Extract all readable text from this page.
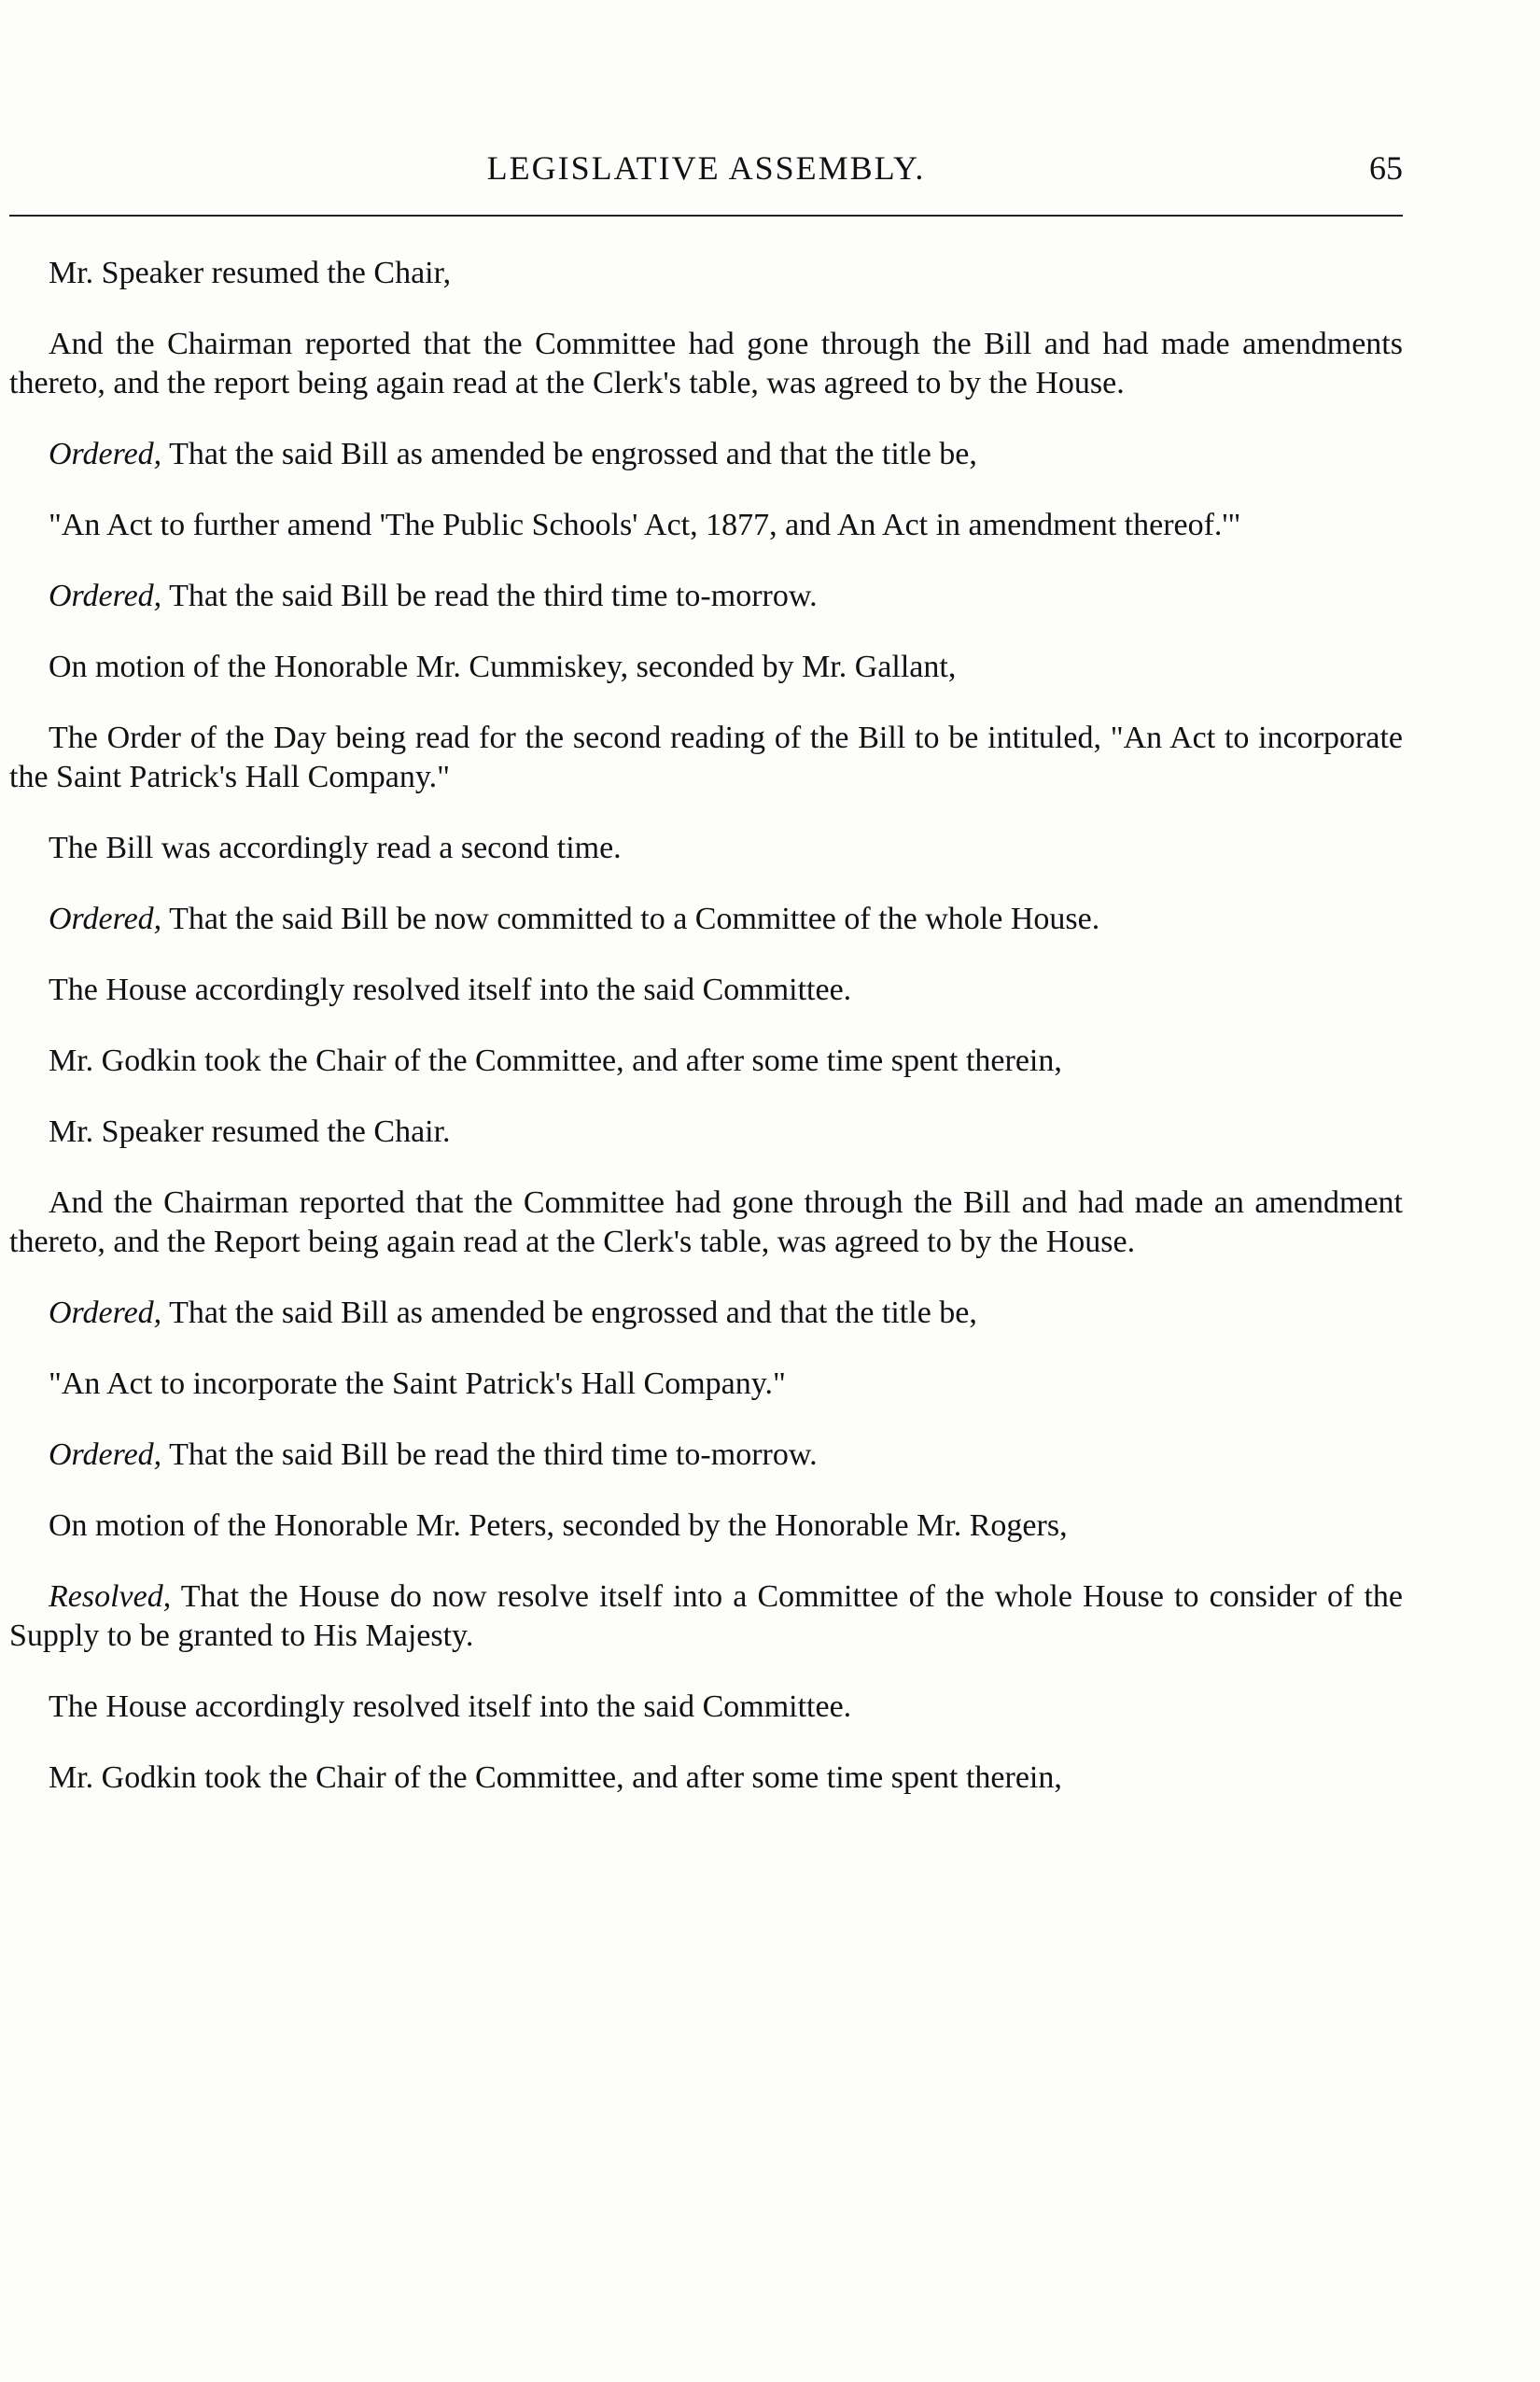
LEGISLATIVE ASSEMBLY.	65

Mr. Speaker resumed the Chair,

And the Chairman reported that the Committee had gone through the Bill and had made amendments thereto, and the report being again read at the Clerk's table, was agreed to by the House.

Ordered, That the said Bill as amended be engrossed and that the title be,

"An Act to further amend 'The Public Schools' Act, 1877, and An Act in amendment thereof.'"

Ordered, That the said Bill be read the third time to-morrow.

On motion of the Honorable Mr. Cummiskey, seconded by Mr. Gallant,

The Order of the Day being read for the second reading of the Bill to be intituled, "An Act to incorporate the Saint Patrick's Hall Company."

The Bill was accordingly read a second time.

Ordered, That the said Bill be now committed to a Committee of the whole House.

The House accordingly resolved itself into the said Committee.

Mr. Godkin took the Chair of the Committee, and after some time spent therein,

Mr. Speaker resumed the Chair.

And the Chairman reported that the Committee had gone through the Bill and had made an amendment thereto, and the Report being again read at the Clerk's table, was agreed to by the House.

Ordered, That the said Bill as amended be engrossed and that the title be,

"An Act to incorporate the Saint Patrick's Hall Company."

Ordered, That the said Bill be read the third time to-morrow.

On motion of the Honorable Mr. Peters, seconded by the Honorable Mr. Rogers,

Resolved, That the House do now resolve itself into a Committee of the whole House to consider of the Supply to be granted to His Majesty.

The House accordingly resolved itself into the said Committee.

Mr. Godkin took the Chair of the Committee, and after some time spent therein,
